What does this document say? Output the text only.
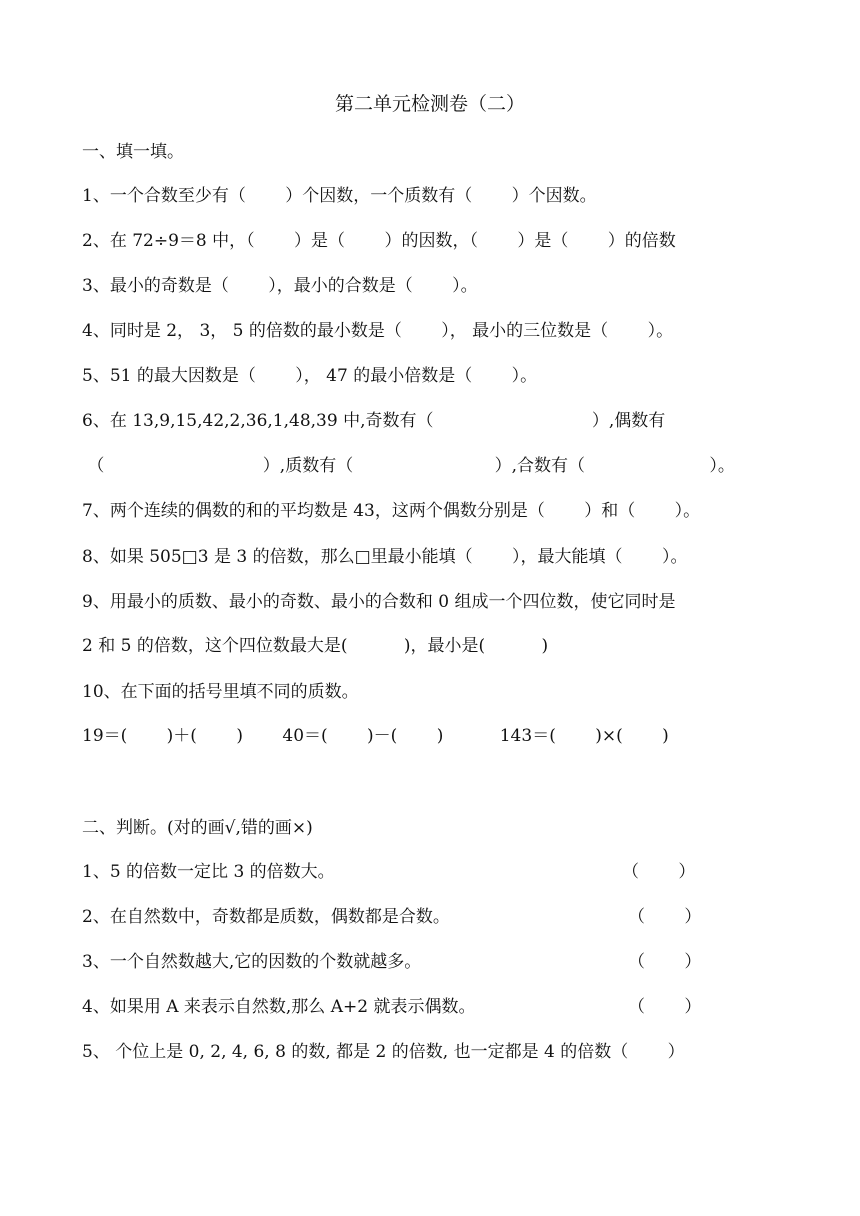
第二单元检测卷（二）
一、填一填。
1、一个合数至少有（　　 ）个因数，一个质数有（　　 ）个因数。
2、在 72÷9＝8 中，（　　 ）是（　　 ）的因数，（　　 ）是（　　 ）的倍数
3、最小的奇数是（　　 ），最小的合数是（　　 ）。
4、同时是 2， 3， 5 的倍数的最小数是（　　 ）， 最小的三位数是（　　 ）。
5、51 的最大因数是（　　 ）， 47 的最小倍数是（　　 ）。
6、在 13,9,15,42,2,36,1,48,39 中,奇数有（　　　　　　　　　 ）,偶数有
（　　　　　　　　　 ）,质数有（　　　　　　　　 ）,合数有（　　　　　　　 ）。
7、两个连续的偶数的和的平均数是 43，这两个偶数分别是（　　 ）和（　　 ）。
8、如果 505□3 是 3 的倍数，那么□里最小能填（　　 ），最大能填（　　 ）。
9、用最小的质数、最小的奇数、最小的合数和 0 组成一个四位数，使它同时是
2 和 5 的倍数，这个四位数最大是(　　　 )，最小是(　　　 )
10、在下面的括号里填不同的质数。
19＝(　　 )＋(　　 )　　 40＝(　　 )－(　　 )　　　 143＝(　　 )×(　　 )
二、判断。(对的画√,错的画×)
1、5 的倍数一定比 3 的倍数大。	（　　 ）
2、在自然数中，奇数都是质数，偶数都是合数。	（　　 ）
3、一个自然数越大,它的因数的个数就越多。	（　　 ）
4、如果用 A 来表示自然数,那么 A+2 就表示偶数。	（　　 ）
5、 个位上是 0, 2, 4, 6, 8 的数, 都是 2 的倍数, 也一定都是 4 的倍数（　　 ）
